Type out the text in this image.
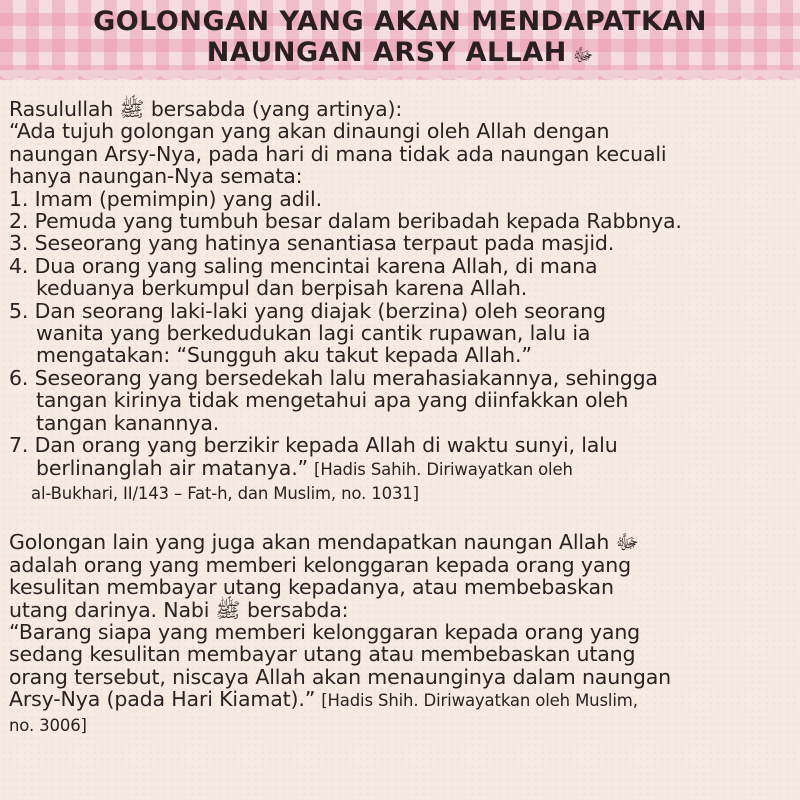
GOLONGAN YANG AKAN MENDAPATKAN
NAUNGAN ARSY ALLAH ﷻ
Rasulullah ﷺ bersabda (yang artinya):
“Ada tujuh golongan yang akan dinaungi oleh Allah dengan
naungan Arsy-Nya, pada hari di mana tidak ada naungan kecuali
hanya naungan-Nya semata:
1. Imam (pemimpin) yang adil.
2. Pemuda yang tumbuh besar dalam beribadah kepada Rabbnya.
3. Seseorang yang hatinya senantiasa terpaut pada masjid.
4. Dua orang yang saling mencintai karena Allah, di mana
keduanya berkumpul dan berpisah karena Allah.
5. Dan seorang laki-laki yang diajak (berzina) oleh seorang
wanita yang berkedudukan lagi cantik rupawan, lalu ia
mengatakan: “Sungguh aku takut kepada Allah.”
6. Seseorang yang bersedekah lalu merahasiakannya, sehingga
tangan kirinya tidak mengetahui apa yang diinfakkan oleh
tangan kanannya.
7. Dan orang yang berzikir kepada Allah di waktu sunyi, lalu
berlinanglah air matanya.” [Hadis Sahih. Diriwayatkan oleh
al-Bukhari, II/143 – Fat-h, dan Muslim, no. 1031]
Golongan lain yang juga akan mendapatkan naungan Allah ﷻ
adalah orang yang memberi kelonggaran kepada orang yang
kesulitan membayar utang kepadanya, atau membebaskan
utang darinya. Nabi ﷺ bersabda:
“Barang siapa yang memberi kelonggaran kepada orang yang
sedang kesulitan membayar utang atau membebaskan utang
orang tersebut, niscaya Allah akan menaunginya dalam naungan
Arsy-Nya (pada Hari Kiamat).” [Hadis Shih. Diriwayatkan oleh Muslim,
no. 3006]
